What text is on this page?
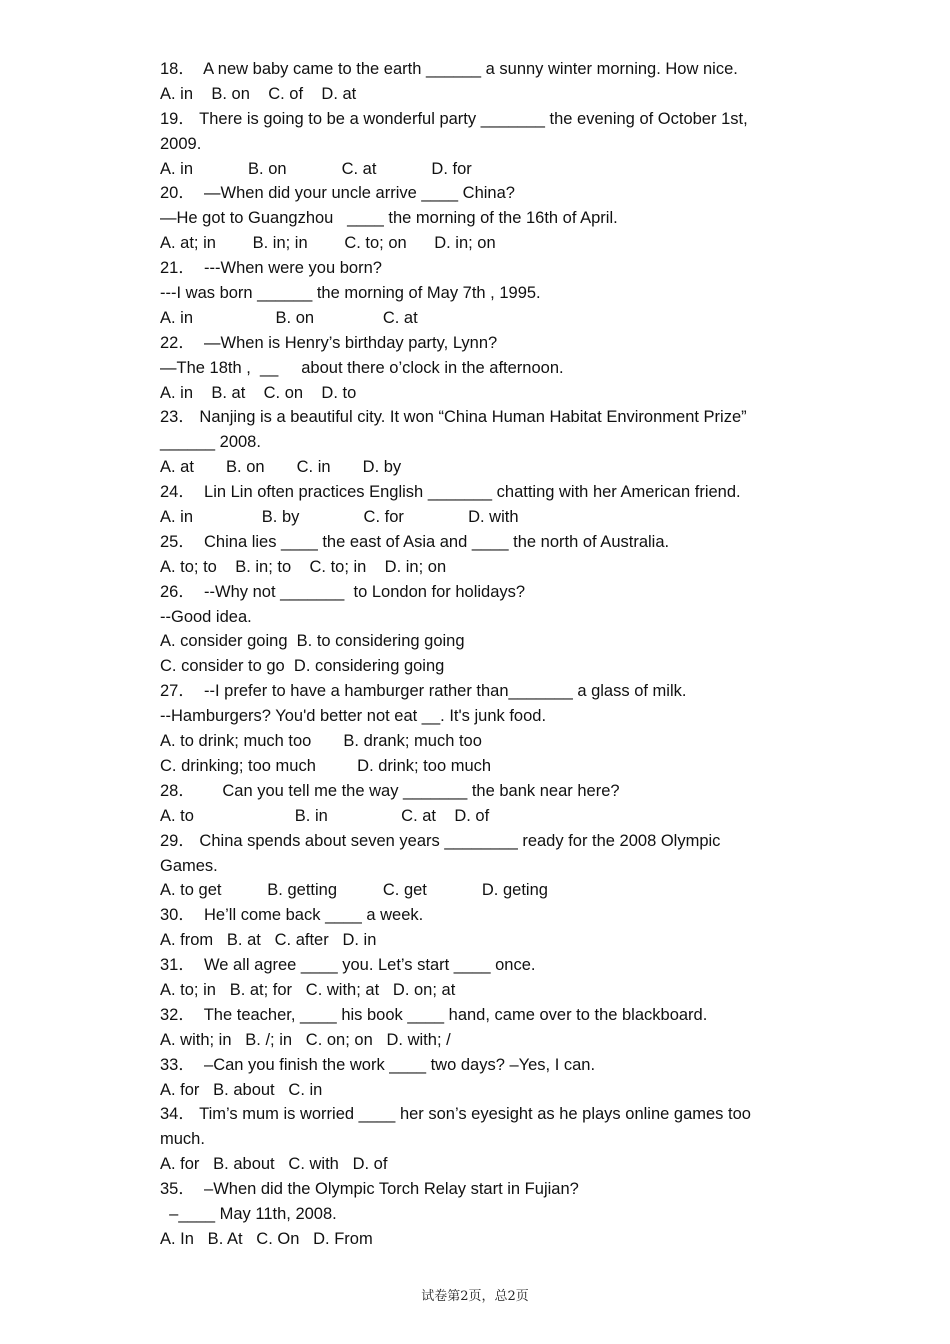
18．  A new baby came to the earth ______ a sunny winter morning. How nice.
A. in    B. on    C. of    D. at
19． There is going to be a wonderful party _______ the evening of October 1st,
2009.
A. in            B. on            C. at            D. for
20．  —When did your uncle arrive ____ China?
—He got to Guangzhou   ____ the morning of the 16th of April.
A. at; in        B. in; in        C. to; on      D. in; on
21．  ---When were you born?
---I was born ______ the morning of May 7th , 1995.
A. in                  B. on               C. at
22．  —When is Henry’s birthday party, Lynn?
—The 18th ,  __     about there o’clock in the afternoon.
A. in    B. at    C. on    D. to
23． Nanjing is a beautiful city. It won “China Human Habitat Environment Prize”
______ 2008.
A. at       B. on       C. in       D. by
24．  Lin Lin often practices English _______ chatting with her American friend.
A. in               B. by              C. for              D. with
25．  China lies ____ the east of Asia and ____ the north of Australia.
A. to; to    B. in; to    C. to; in    D. in; on
26．  --Why not _______  to London for holidays?
--Good idea.
A. consider going  B. to considering going
C. consider to go  D. considering going
27．  --I prefer to have a hamburger rather than_______ a glass of milk.
--Hamburgers? You'd better not eat __. It's junk food.
A. to drink; much too       B. drank; much too
C. drinking; too much         D. drink; too much
28．      Can you tell me the way _______ the bank near here?
A. to                      B. in                C. at    D. of
29． China spends about seven years ________ ready for the 2008 Olympic
Games.
A. to get          B. getting          C. get            D. geting
30．  He’ll come back ____ a week.
A. from   B. at   C. after   D. in
31．  We all agree ____ you. Let’s start ____ once.
A. to; in   B. at; for   C. with; at   D. on; at
32．  The teacher, ____ his book ____ hand, came over to the blackboard.
A. with; in   B. /; in   C. on; on   D. with; /
33．  –Can you finish the work ____ two days? –Yes, I can.
A. for   B. about   C. in
34． Tim’s mum is worried ____ her son’s eyesight as he plays online games too
much.
A. for   B. about   C. with   D. of
35．  –When did the Olympic Torch Relay start in Fujian?
–____ May 11th, 2008.
A. In   B. At   C. On   D. From
试卷第2页，总2页
